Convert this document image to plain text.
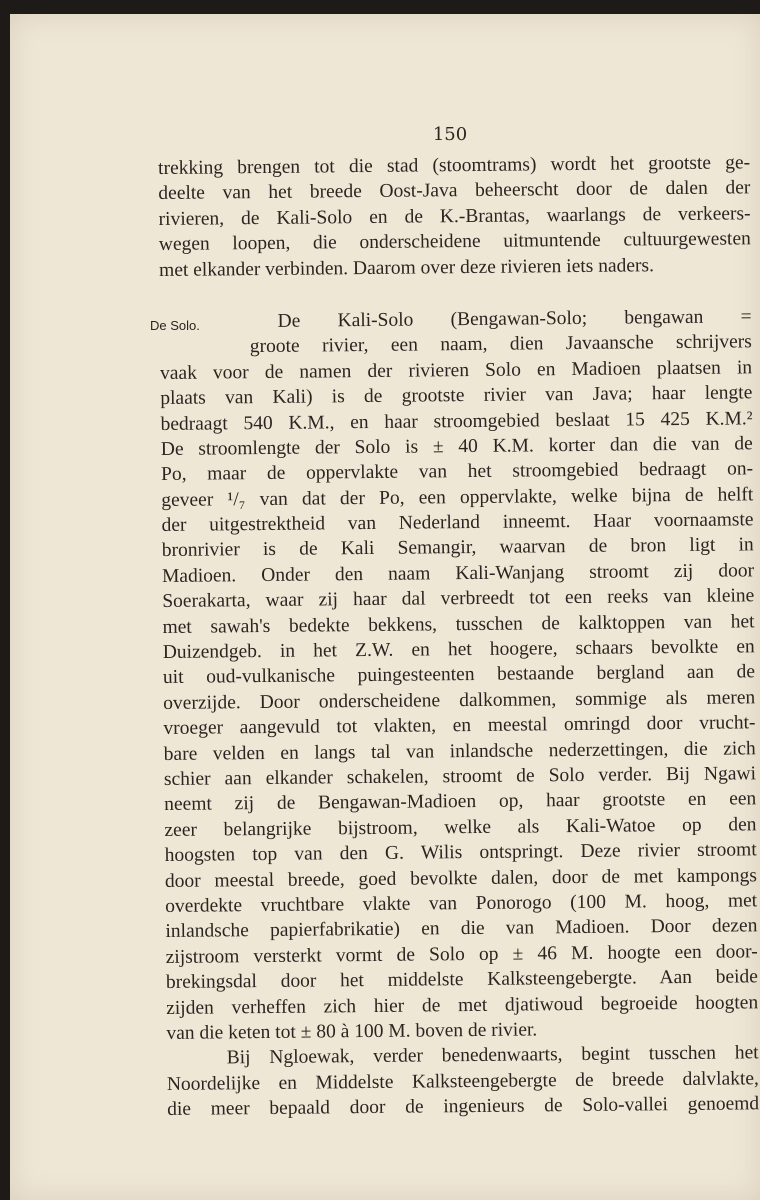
150
De Solo.
trekking brengen tot die stad (stoomtrams) wordt het grootste ge-
deelte van het breede Oost-Java beheerscht door de dalen der
rivieren, de Kali-Solo en de K.-Brantas, waarlangs de verkeers-
wegen loopen, die onderscheidene uitmuntende cultuurgewesten
met elkander verbinden. Daarom over deze rivieren iets naders.
De Kali-Solo (Bengawan-Solo; bengawan =
groote rivier, een naam, dien Javaansche schrijvers
vaak voor de namen der rivieren Solo en Madioen plaatsen in
plaats van Kali) is de grootste rivier van Java; haar lengte
bedraagt 540 K.M., en haar stroomgebied beslaat 15 425 K.M.²
De stroomlengte der Solo is ± 40 K.M. korter dan die van de
Po, maar de oppervlakte van het stroomgebied bedraagt on-
geveer ¹/₇ van dat der Po, een oppervlakte, welke bijna de helft
der uitgestrektheid van Nederland inneemt. Haar voornaamste
bronrivier is de Kali Semangir, waarvan de bron ligt in
Madioen. Onder den naam Kali-Wanjang stroomt zij door
Soerakarta, waar zij haar dal verbreedt tot een reeks van kleine
met sawah's bedekte bekkens, tusschen de kalktoppen van het
Duizendgeb. in het Z.W. en het hoogere, schaars bevolkte en
uit oud-vulkanische puingesteenten bestaande bergland aan de
overzijde. Door onderscheidene dalkommen, sommige als meren
vroeger aangevuld tot vlakten, en meestal omringd door vrucht-
bare velden en langs tal van inlandsche nederzettingen, die zich
schier aan elkander schakelen, stroomt de Solo verder. Bij Ngawi
neemt zij de Bengawan-Madioen op, haar grootste en een
zeer belangrijke bijstroom, welke als Kali-Watoe op den
hoogsten top van den G. Wilis ontspringt. Deze rivier stroomt
door meestal breede, goed bevolkte dalen, door de met kampongs
overdekte vruchtbare vlakte van Ponorogo (100 M. hoog, met
inlandsche papierfabrikatie) en die van Madioen. Door dezen
zijstroom versterkt vormt de Solo op ± 46 M. hoogte een door-
brekingsdal door het middelste Kalksteengebergte. Aan beide
zijden verheffen zich hier de met djatiwoud begroeide hoogten
van die keten tot ± 80 à 100 M. boven de rivier.
Bij Ngloewak, verder benedenwaarts, begint tusschen het
Noordelijke en Middelste Kalksteengebergte de breede dalvlakte,
die meer bepaald door de ingenieurs de Solo-vallei genoemd
